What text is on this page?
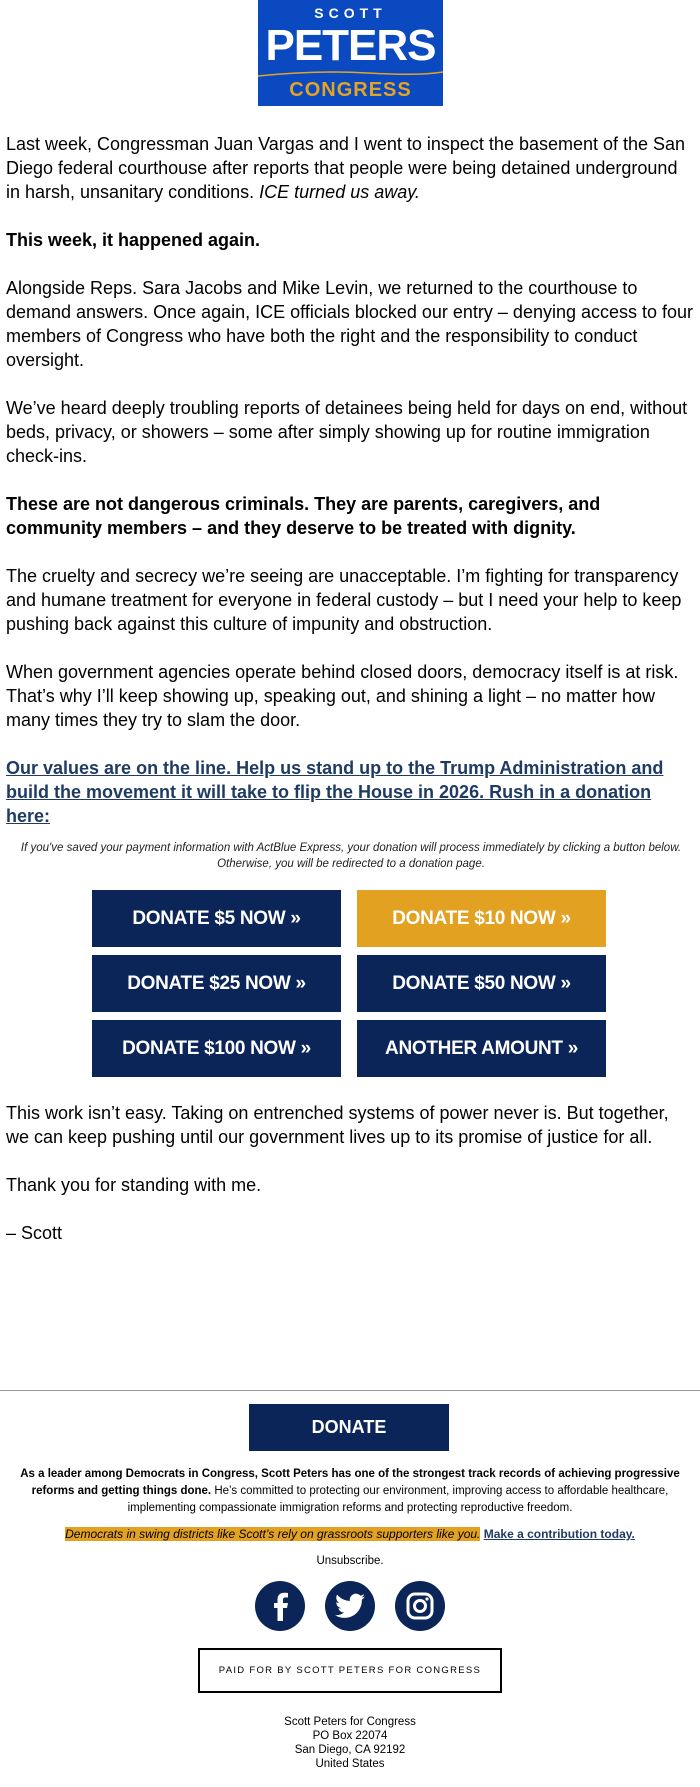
SCOTT
PETERS
CONGRESS

Last week, Congressman Juan Vargas and I went to inspect the basement of the San Diego federal courthouse after reports that people were being detained underground in harsh, unsanitary conditions. ICE turned us away.

This week, it happened again.

Alongside Reps. Sara Jacobs and Mike Levin, we returned to the courthouse to demand answers. Once again, ICE officials blocked our entry – denying access to four members of Congress who have both the right and the responsibility to conduct oversight.

We’ve heard deeply troubling reports of detainees being held for days on end, without beds, privacy, or showers – some after simply showing up for routine immigration check-ins.

These are not dangerous criminals. They are parents, caregivers, and community members – and they deserve to be treated with dignity.

The cruelty and secrecy we’re seeing are unacceptable. I’m fighting for transparency and humane treatment for everyone in federal custody – but I need your help to keep pushing back against this culture of impunity and obstruction.

When government agencies operate behind closed doors, democracy itself is at risk. That’s why I’ll keep showing up, speaking out, and shining a light – no matter how many times they try to slam the door.

Our values are on the line. Help us stand up to the Trump Administration and build the movement it will take to flip the House in 2026. Rush in a donation here:

If you've saved your payment information with ActBlue Express, your donation will process immediately by clicking a button below. Otherwise, you will be redirected to a donation page.

DONATE $5 NOW »	DONATE $10 NOW »
DONATE $25 NOW »	DONATE $50 NOW »
DONATE $100 NOW »	ANOTHER AMOUNT »

This work isn’t easy. Taking on entrenched systems of power never is. But together, we can keep pushing until our government lives up to its promise of justice for all.

Thank you for standing with me.

– Scott

DONATE
As a leader among Democrats in Congress, Scott Peters has one of the strongest track records of achieving progressive reforms and getting things done. He’s committed to protecting our environment, improving access to affordable healthcare, implementing compassionate immigration reforms and protecting reproductive freedom.
Democrats in swing districts like Scott’s rely on grassroots supporters like you. Make a contribution today.
Unsubscribe.
PAID FOR BY SCOTT PETERS FOR CONGRESS
Scott Peters for Congress
PO Box 22074
San Diego, CA 92192
United States
